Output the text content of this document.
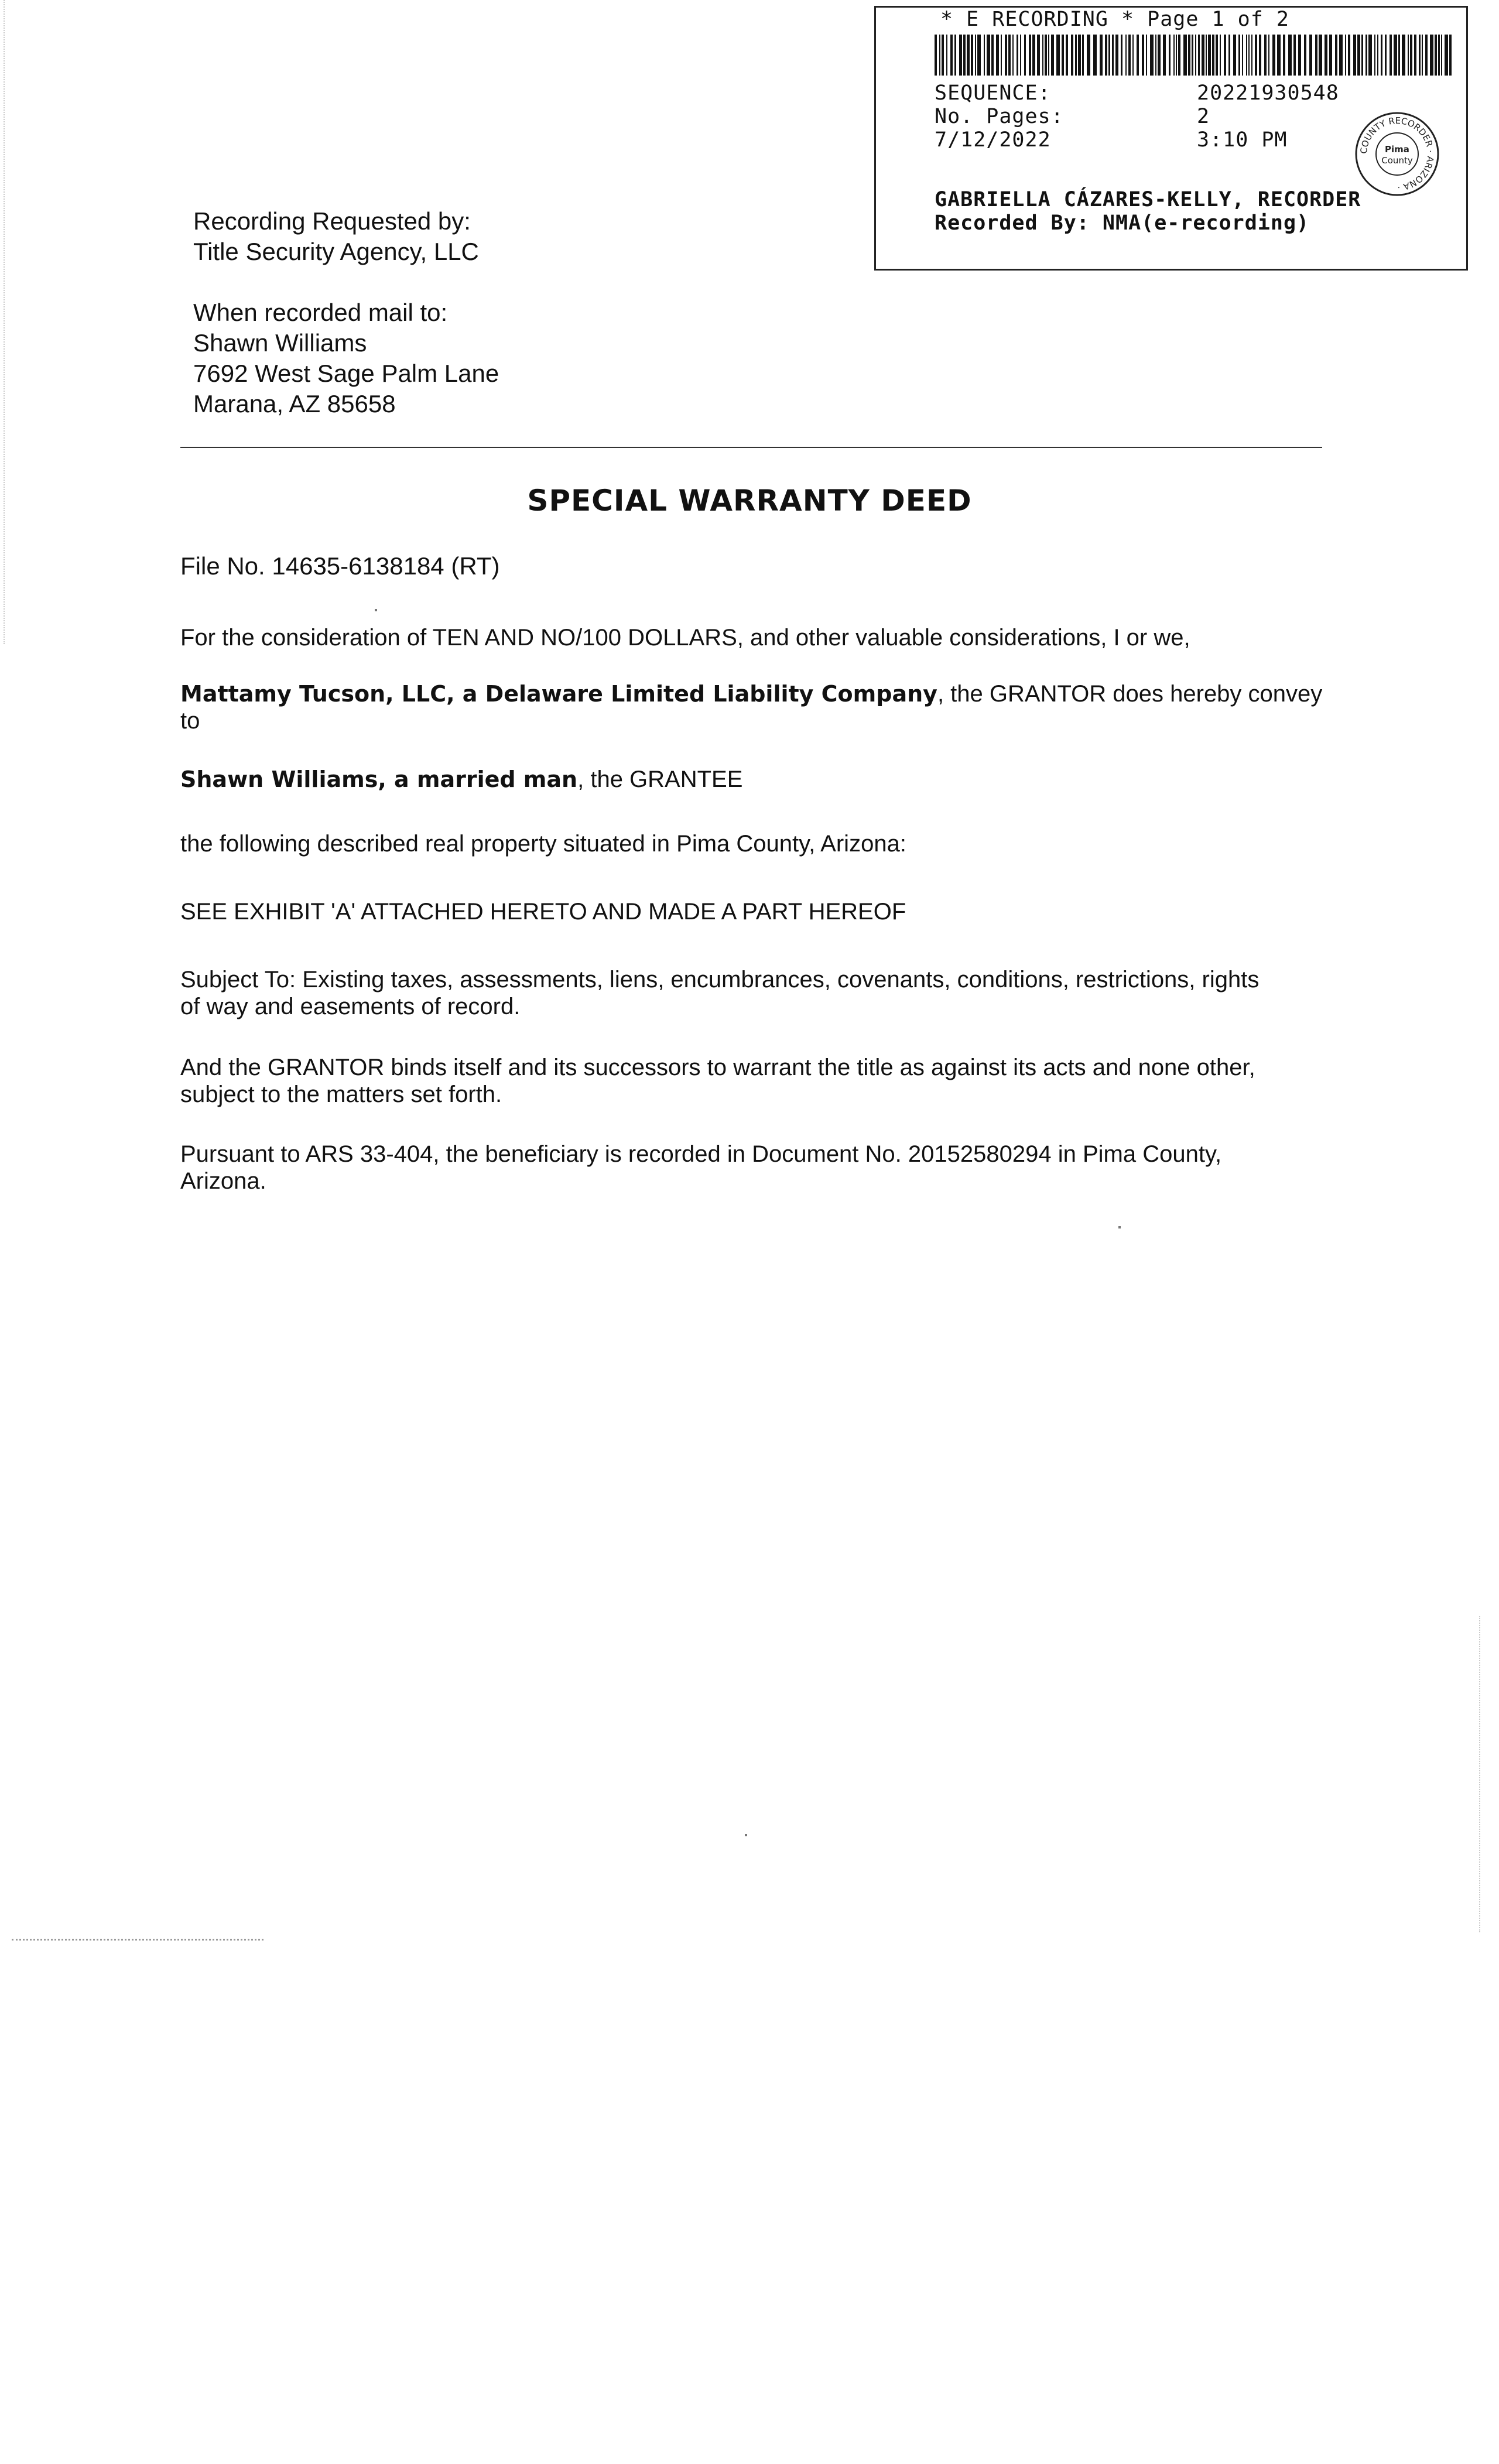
* E RECORDING * Page 1 of 2
SEQUENCE:	20221930548
No. Pages:	2
7/12/2022	3:10 PM	COUNTY RECORDER · ARIZONA ·
Pima
County
GABRIELLA CÁZARES-KELLY, RECORDER
Recorded By: NMA(e-recording)
Recording Requested by:
Title Security Agency, LLC
When recorded mail to:
Shawn Williams
7692 West Sage Palm Lane
Marana, AZ 85658
SPECIAL WARRANTY DEED
File No. 14635-6138184 (RT)
For the consideration of TEN AND NO/100 DOLLARS, and other valuable considerations, I or we,
Mattamy Tucson, LLC, a Delaware Limited Liability Company, the GRANTOR does hereby convey
to
Shawn Williams, a married man, the GRANTEE
the following described real property situated in Pima County, Arizona:
SEE EXHIBIT 'A' ATTACHED HERETO AND MADE A PART HEREOF
Subject To: Existing taxes, assessments, liens, encumbrances, covenants, conditions, restrictions, rights
of way and easements of record.
And the GRANTOR binds itself and its successors to warrant the title as against its acts and none other,
subject to the matters set forth.
Pursuant to ARS 33-404, the beneficiary is recorded in Document No. 20152580294 in Pima County,
Arizona.
